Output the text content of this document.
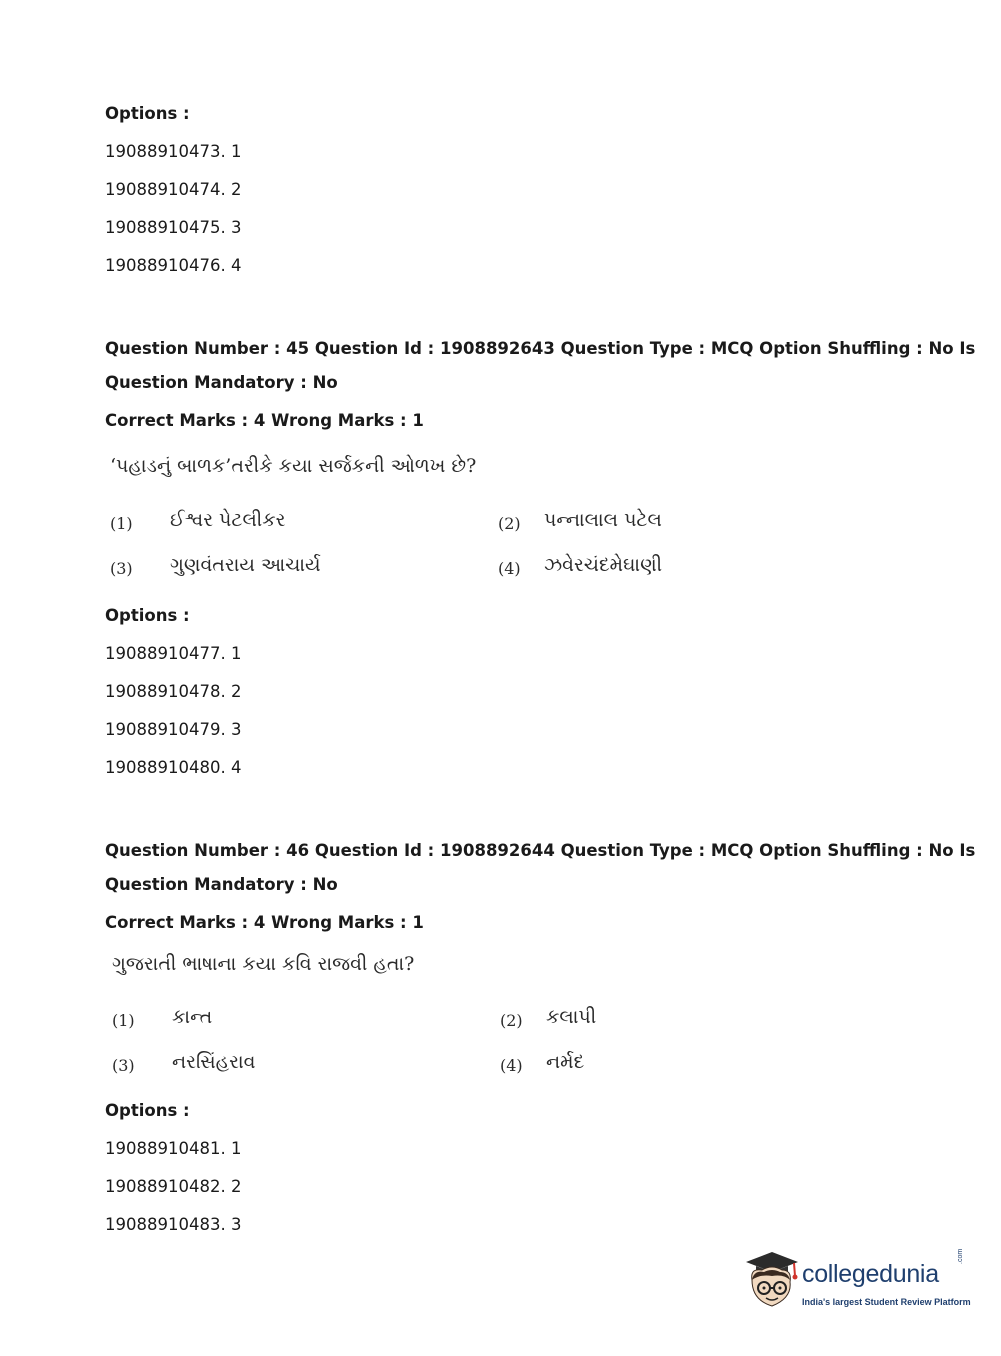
Options :
19088910473. 1
19088910474. 2
19088910475. 3
19088910476. 4
Question Number : 45 Question Id : 1908892643 Question Type : MCQ Option Shuffling : No Is
Question Mandatory : No
Correct Marks : 4 Wrong Marks : 1
‘પહાડનું બાળક’તરીકે કયા સર્જકની ઓળખ છે?
(1) ઈશ્વર પેટલીકર	(2) પન્નાલાલ પટેલ
(3) ગુણવંતરાય આચાર્ય	(4) ઝવેરચંદમેઘાણી
Options :
19088910477. 1
19088910478. 2
19088910479. 3
19088910480. 4
Question Number : 46 Question Id : 1908892644 Question Type : MCQ Option Shuffling : No Is
Question Mandatory : No
Correct Marks : 4 Wrong Marks : 1
ગુજરાતી ભાષાના કયા કવિ રાજવી હતા?
(1) કાન્ત	(2) કલાપી
(3) નરસિંહરાવ	(4) નર્મદ
Options :
19088910481. 1
19088910482. 2
19088910483. 3
collegedunia
.com
India's largest Student Review Platform
